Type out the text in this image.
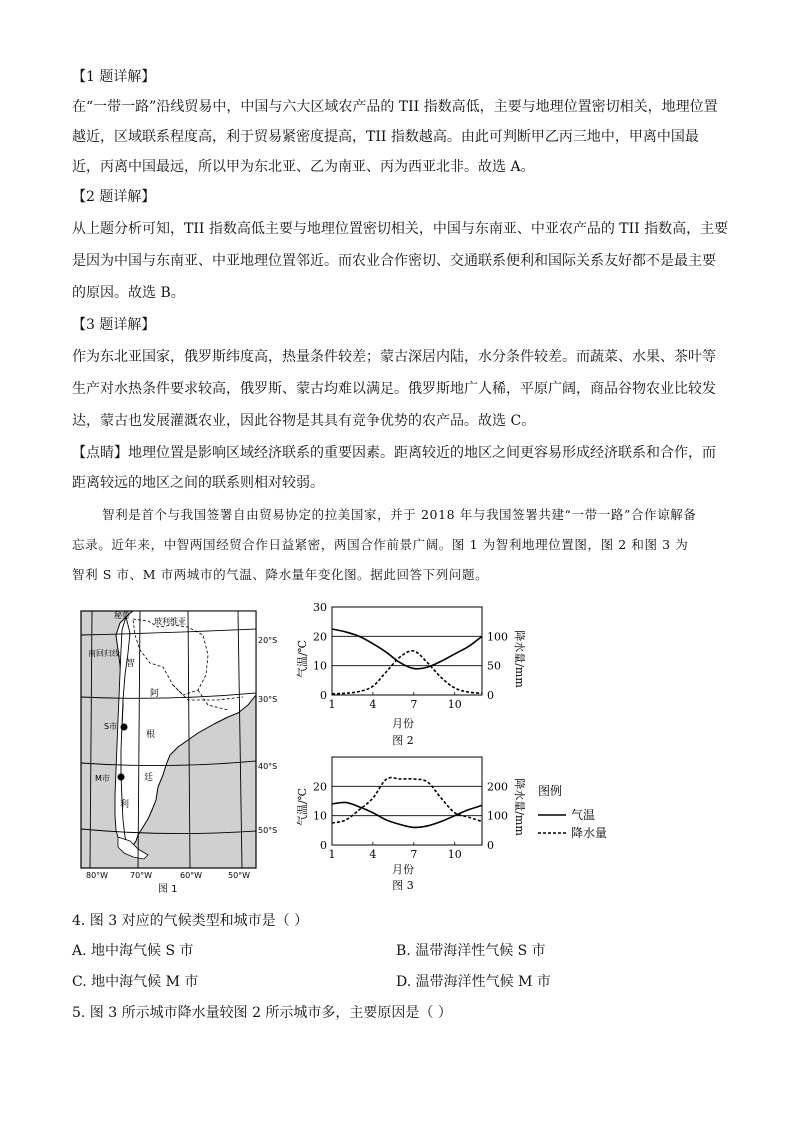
【1 题详解】
在“一带一路”沿线贸易中，中国与六大区域农产品的 TII 指数高低，主要与地理位置密切相关，地理位置
越近，区域联系程度高，利于贸易紧密度提高，TII 指数越高。由此可判断甲乙丙三地中，甲离中国最
近，丙离中国最远，所以甲为东北亚、乙为南亚、丙为西亚北非。故选 A。
【2 题详解】
从上题分析可知，TII 指数高低主要与地理位置密切相关，中国与东南亚、中亚农产品的 TII 指数高，主要
是因为中国与东南亚、中亚地理位置邻近。而农业合作密切、交通联系便利和国际关系友好都不是最主要
的原因。故选 B。
【3 题详解】
作为东北亚国家，俄罗斯纬度高，热量条件较差；蒙古深居内陆，水分条件较差。而蔬菜、水果、茶叶等
生产对水热条件要求较高，俄罗斯、蒙古均难以满足。俄罗斯地广人稀，平原广阔，商品谷物农业比较发
达，蒙古也发展灌溉农业，因此谷物是其具有竞争优势的农产品。故选 C。
【点睛】地理位置是影响区域经济联系的重要因素。距离较近的地区之间更容易形成经济联系和合作，而
距离较远的地区之间的联系则相对较弱。
智利是首个与我国签署自由贸易协定的拉美国家，并于 2018 年与我国签署共建“一带一路”合作谅解备
忘录。近年来，中智两国经贸合作日益紧密，两国合作前景广阔。图 1 为智利地理位置图，图 2 和图 3 为
智利 S 市、M 市两城市的气温、降水量年变化图。据此回答下列问题。
秘鲁
玻利维亚
南回归线
智
阿
根
廷
利
S市
M市
20°S
30°S
40°S
50°S
80°W	70°W	60°W	50°W
图 1
0
10
20
30
0
50
100
1	4	7	10
气温/℃	降水量/mm
月份
图 2
0
10
20
0
100
200
1	4	7	10
气温/℃	降水量/mm
月份
图 3
图例
气温
降水量
4. 图 3 对应的气候类型和城市是（ ）
A. 地中海气候 S 市	B. 温带海洋性气候 S 市
C. 地中海气候 M 市	D. 温带海洋性气候 M 市
5. 图 3 所示城市降水量较图 2 所示城市多，主要原因是（ ）
